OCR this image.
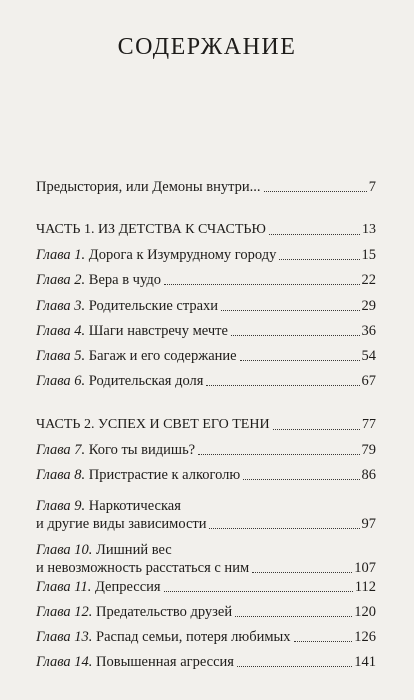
СОДЕРЖАНИЕ
Предыстория, или Демоны внутри...	7
ЧАСТЬ 1. ИЗ ДЕТСТВА К СЧАСТЬЮ	13
Глава 1. Дорога к Изумрудному городу	15
Глава 2. Вера в чудо	22
Глава 3. Родительские страхи	29
Глава 4. Шаги навстречу мечте	36
Глава 5. Багаж и его содержание	54
Глава 6. Родительская доля	67
ЧАСТЬ 2. УСПЕХ И СВЕТ ЕГО ТЕНИ	77
Глава 7. Кого ты видишь?	79
Глава 8. Пристрастие к алкоголю	86
Глава 9. Наркотическая
и другие виды зависимости	97
Глава 10. Лишний вес
и невозможность расстаться с ним	107
Глава 11. Депрессия	112
Глава 12. Предательство друзей	120
Глава 13. Распад семьи, потеря любимых	126
Глава 14. Повышенная агрессия	141
